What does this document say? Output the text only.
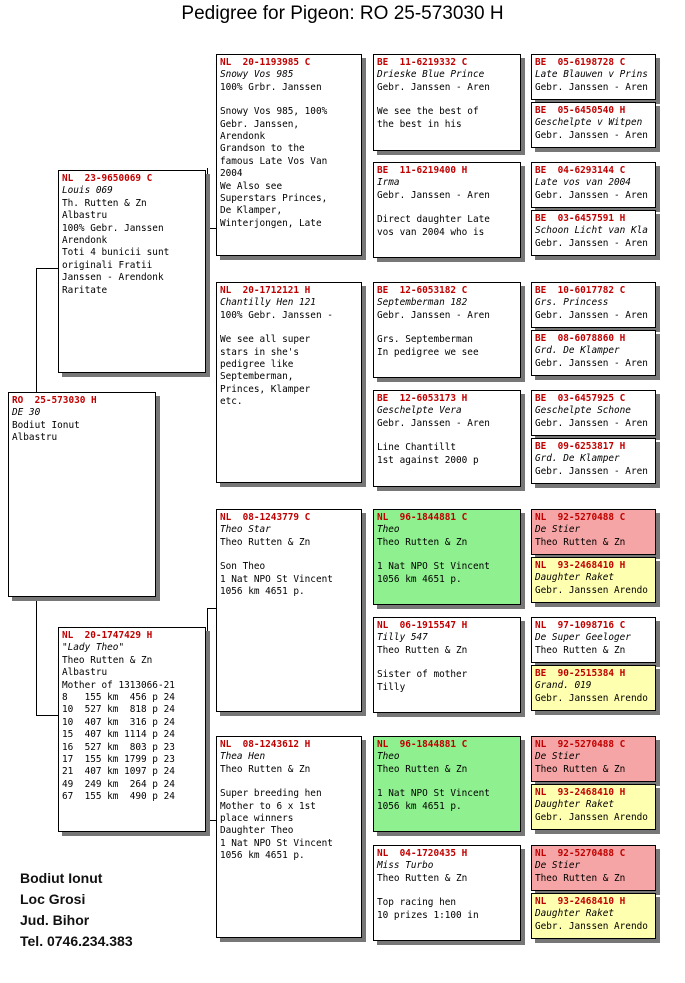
Pedigree for Pigeon: RO 25-573030 H
RO  25-573030 H
DE 30
Bodiut Ionut
Albastru
NL  23-9650069 C
Louis 069
Th. Rutten & Zn
Albastru
100% Gebr. Janssen
Arendonk
Toti 4 bunicii sunt
originali Fratii
Janssen - Arendonk
Raritate
NL  20-1747429 H
"Lady Theo"
Theo Rutten & Zn
Albastru
Mother of 1313066-21
8   155 km  456 p 24
10  527 km  818 p 24
10  407 km  316 p 24
15  407 km 1114 p 24
16  527 km  803 p 23
17  155 km 1799 p 23
21  407 km 1097 p 24
49  249 km  264 p 24
67  155 km  490 p 24
NL  20-1193985 C
Snowy Vos 985
100% Grbr. Janssen
Snowy Vos 985, 100%
Gebr. Janssen,
Arendonk
Grandson to the
famous Late Vos Van
2004
We Also see
Superstars Princes,
De Klamper,
Winterjongen, Late
NL  20-1712121 H
Chantilly Hen 121
100% Gebr. Janssen -
We see all super
stars in she's
pedigree like
Septemberman,
Princes, Klamper
etc.
NL  08-1243779 C
Theo Star
Theo Rutten & Zn
Son Theo
1 Nat NPO St Vincent
1056 km 4651 p.
NL  08-1243612 H
Thea Hen
Theo Rutten & Zn
Super breeding hen
Mother to 6 x 1st
place winners
Daughter Theo
1 Nat NPO St Vincent
1056 km 4651 p.
BE  11-6219332 C
Drieske Blue Prince
Gebr. Janssen - Aren
We see the best of
the best in his
BE  11-6219400 H
Irma
Gebr. Janssen - Aren
Direct daughter Late
vos van 2004 who is
BE  12-6053182 C
Septemberman 182
Gebr. Janssen - Aren
Grs. Septemberman
In pedigree we see
BE  12-6053173 H
Geschelpte Vera
Gebr. Janssen - Aren
Line Chantillt
1st against 2000 p
NL  96-1844881 C
Theo
Theo Rutten & Zn
1 Nat NPO St Vincent
1056 km 4651 p.
NL  06-1915547 H
Tilly 547
Theo Rutten & Zn
Sister of mother
Tilly
NL  96-1844881 C
Theo
Theo Rutten & Zn
1 Nat NPO St Vincent
1056 km 4651 p.
NL  04-1720435 H
Miss Turbo
Theo Rutten & Zn
Top racing hen
10 prizes 1:100 in
BE  05-6198728 C
Late Blauwen v Prins
Gebr. Janssen - Aren
BE  05-6450540 H
Geschelpte v Witpen
Gebr. Janssen - Aren
BE  04-6293144 C
Late vos van 2004
Gebr. Janssen - Aren
BE  03-6457591 H
Schoon Licht van Kla
Gebr. Janssen - Aren
BE  10-6017782 C
Grs. Princess
Gebr. Janssen - Aren
BE  08-6078860 H
Grd. De Klamper
Gebr. Janssen - Aren
BE  03-6457925 C
Geschelpte Schone
Gebr. Janssen - Aren
BE  09-6253817 H
Grd. De Klamper
Gebr. Janssen - Aren
NL  92-5270488 C
De Stier
Theo Rutten & Zn
NL  93-2468410 H
Daughter Raket
Gebr. Janssen Arendo
NL  97-1098716 C
De Super Geeloger
Theo Rutten & Zn
BE  90-2515384 H
Grand. 019
Gebr. Janssen Arendo
NL  92-5270488 C
De Stier
Theo Rutten & Zn
NL  93-2468410 H
Daughter Raket
Gebr. Janssen Arendo
NL  92-5270488 C
De Stier
Theo Rutten & Zn
NL  93-2468410 H
Daughter Raket
Gebr. Janssen Arendo
Bodiut Ionut
Loc Grosi
Jud. Bihor
Tel. 0746.234.383
